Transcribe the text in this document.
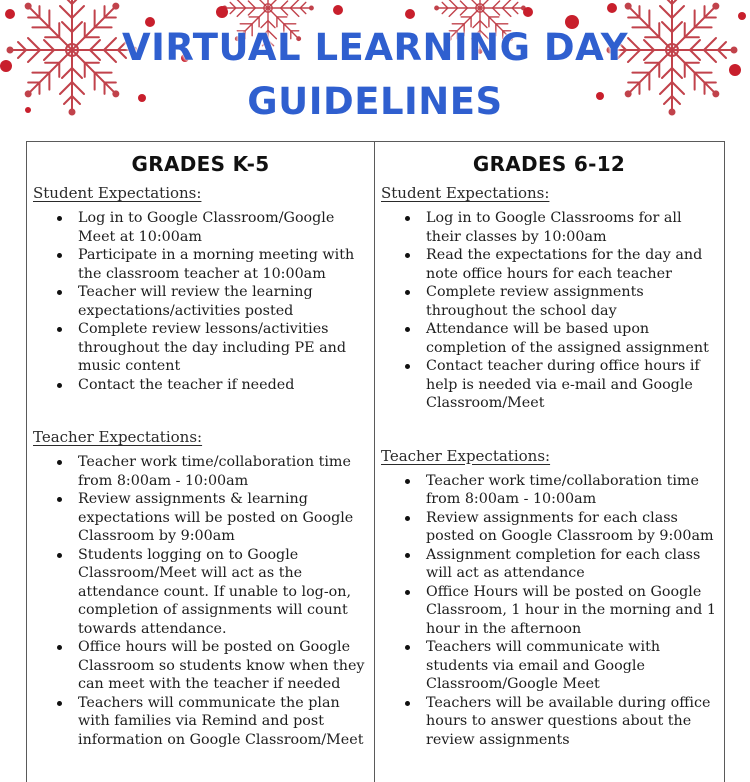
VIRTUAL LEARNING DAY
GUIDELINES
GRADES K-5
Student Expectations:
Log in to Google Classroom/Google Meet at 10:00am
Participate in a morning meeting with the classroom teacher at 10:00am
Teacher will review the learning expectations/activities posted
Complete review lessons/activities throughout the day including PE and music content
Contact the teacher if needed
Teacher Expectations:
Teacher work time/collaboration time from 8:00am - 10:00am
Review assignments & learning expectations will be posted on Google Classroom by 9:00am
Students logging on to Google Classroom/Meet will act as the attendance count. If unable to log-on, completion of assignments will count towards attendance.
Office hours will be posted on Google Classroom so students know when they can meet with the teacher if needed
Teachers will communicate the plan with families via Remind and post information on Google Classroom/Meet
GRADES 6-12
Student Expectations:
Log in to Google Classrooms for all their classes by 10:00am
Read the expectations for the day and note office hours for each teacher
Complete review assignments throughout the school day
Attendance will be based upon completion of the assigned assignment
Contact teacher during office hours if help is needed via e-mail and Google Classroom/Meet
Teacher Expectations:
Teacher work time/collaboration time from 8:00am - 10:00am
Review assignments for each class posted on Google Classroom by 9:00am
Assignment completion for each class will act as attendance
Office Hours will be posted on Google Classroom, 1 hour in the morning and 1 hour in the afternoon
Teachers will communicate with students via email and Google Classroom/Google Meet
Teachers will be available during office hours to answer questions about the review assignments
